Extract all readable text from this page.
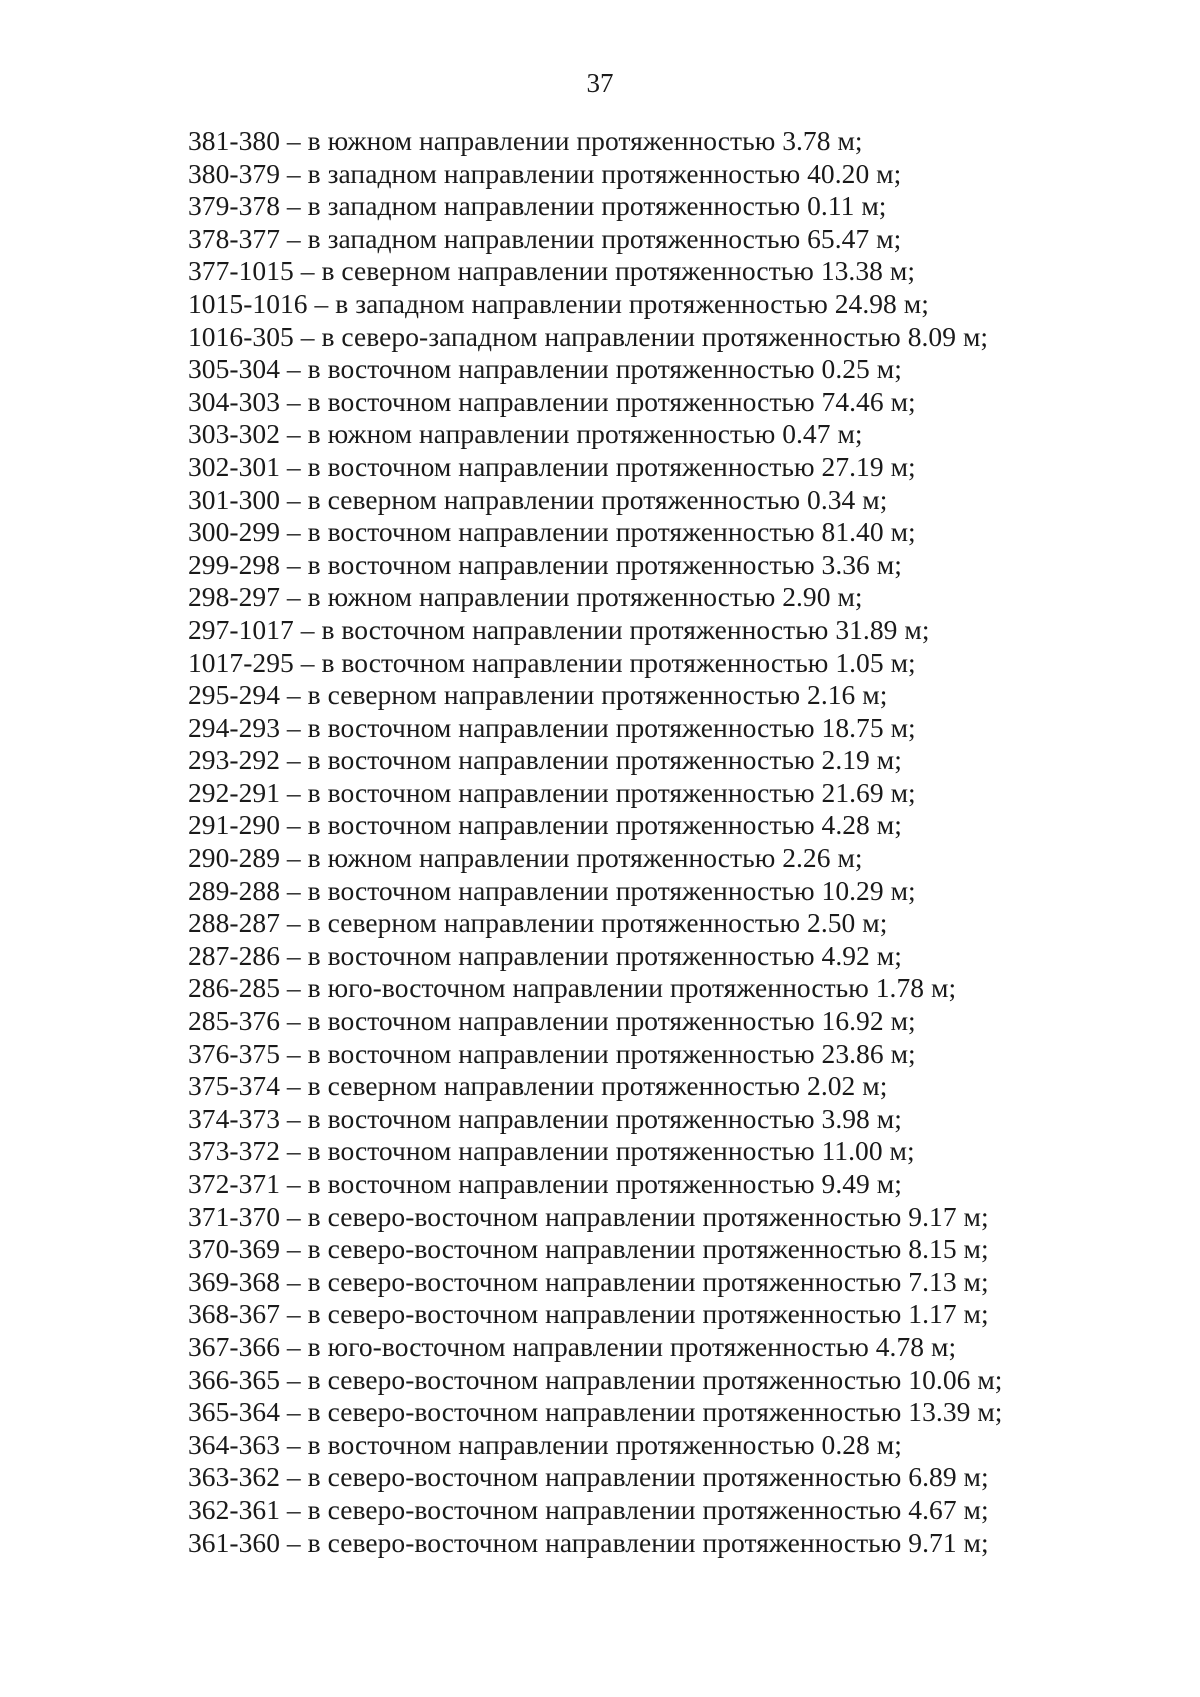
37
381-380 – в южном направлении протяженностью 3.78 м;
380-379 – в западном направлении протяженностью 40.20 м;
379-378 – в западном направлении протяженностью 0.11 м;
378-377 – в западном направлении протяженностью 65.47 м;
377-1015 – в северном направлении протяженностью 13.38 м;
1015-1016 – в западном направлении протяженностью 24.98 м;
1016-305 – в северо-западном направлении протяженностью 8.09 м;
305-304 – в восточном направлении протяженностью 0.25 м;
304-303 – в восточном направлении протяженностью 74.46 м;
303-302 – в южном направлении протяженностью 0.47 м;
302-301 – в восточном направлении протяженностью 27.19 м;
301-300 – в северном направлении протяженностью 0.34 м;
300-299 – в восточном направлении протяженностью 81.40 м;
299-298 – в восточном направлении протяженностью 3.36 м;
298-297 – в южном направлении протяженностью 2.90 м;
297-1017 – в восточном направлении протяженностью 31.89 м;
1017-295 – в восточном направлении протяженностью 1.05 м;
295-294 – в северном направлении протяженностью 2.16 м;
294-293 – в восточном направлении протяженностью 18.75 м;
293-292 – в восточном направлении протяженностью 2.19 м;
292-291 – в восточном направлении протяженностью 21.69 м;
291-290 – в восточном направлении протяженностью 4.28 м;
290-289 – в южном направлении протяженностью 2.26 м;
289-288 – в восточном направлении протяженностью 10.29 м;
288-287 – в северном направлении протяженностью 2.50 м;
287-286 – в восточном направлении протяженностью 4.92 м;
286-285 – в юго-восточном направлении протяженностью 1.78 м;
285-376 – в восточном направлении протяженностью 16.92 м;
376-375 – в восточном направлении протяженностью 23.86 м;
375-374 – в северном направлении протяженностью 2.02 м;
374-373 – в восточном направлении протяженностью 3.98 м;
373-372 – в восточном направлении протяженностью 11.00 м;
372-371 – в восточном направлении протяженностью 9.49 м;
371-370 – в северо-восточном направлении протяженностью 9.17 м;
370-369 – в северо-восточном направлении протяженностью 8.15 м;
369-368 – в северо-восточном направлении протяженностью 7.13 м;
368-367 – в северо-восточном направлении протяженностью 1.17 м;
367-366 – в юго-восточном направлении протяженностью 4.78 м;
366-365 – в северо-восточном направлении протяженностью 10.06 м;
365-364 – в северо-восточном направлении протяженностью 13.39 м;
364-363 – в восточном направлении протяженностью 0.28 м;
363-362 – в северо-восточном направлении протяженностью 6.89 м;
362-361 – в северо-восточном направлении протяженностью 4.67 м;
361-360 – в северо-восточном направлении протяженностью 9.71 м;
